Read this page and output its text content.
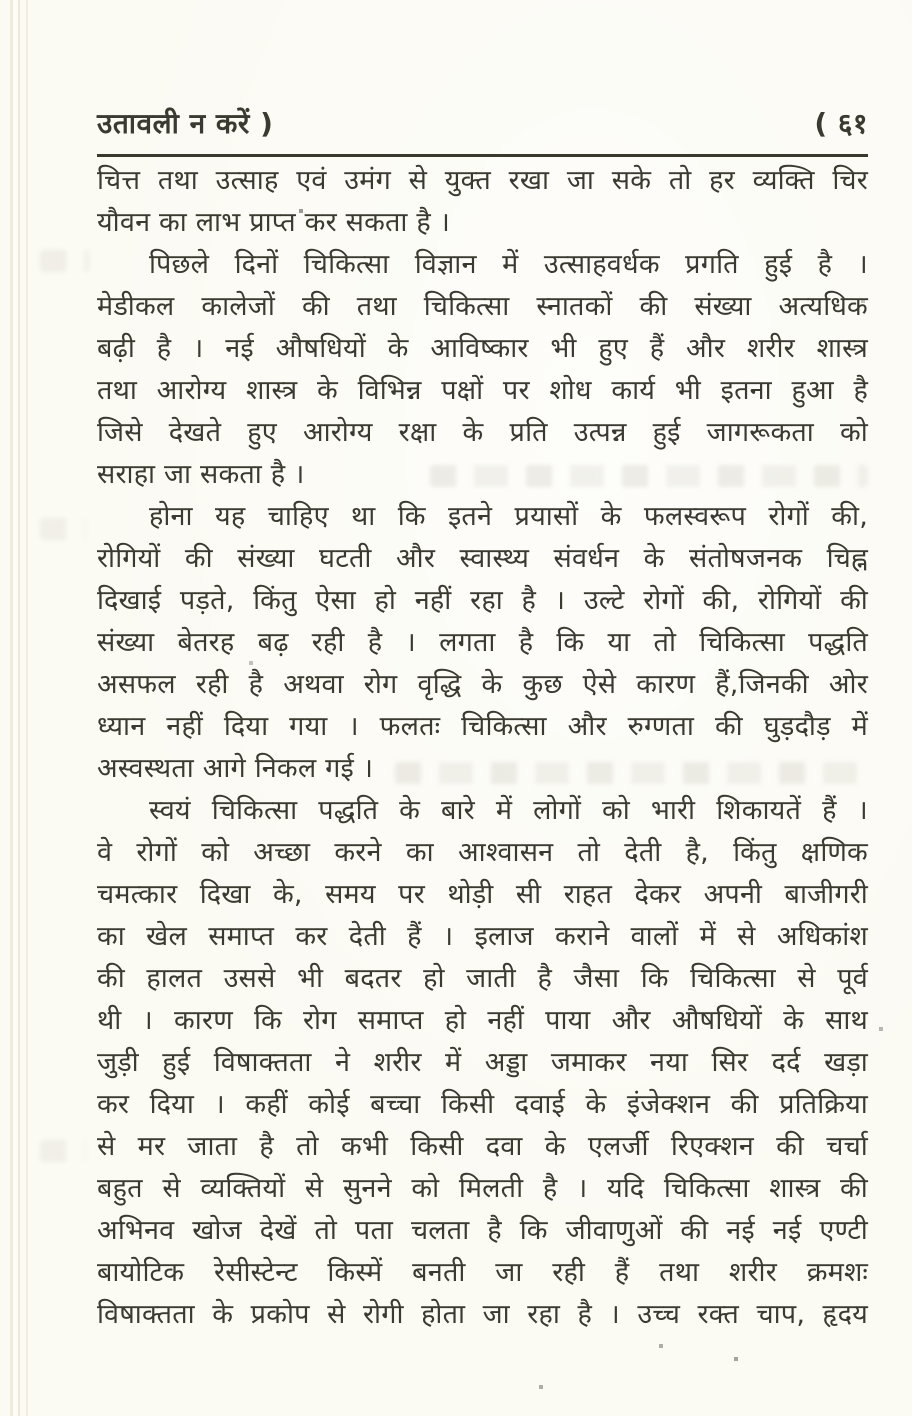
उतावली न करें )	( ६१
चित्त तथा उत्साह एवं उमंग से युक्त रखा जा सके तो हर व्यक्ति चिर
यौवन का लाभ प्राप्त कर सकता है ।
पिछले दिनों चिकित्सा विज्ञान में उत्साहवर्धक प्रगति हुई है ।
मेडीकल कालेजों की तथा चिकित्सा स्नातकों की संख्या अत्यधिक
बढ़ी है । नई औषधियों के आविष्कार भी हुए हैं और शरीर शास्त्र
तथा आरोग्य शास्त्र के विभिन्न पक्षों पर शोध कार्य भी इतना हुआ है
जिसे देखते हुए आरोग्य रक्षा के प्रति उत्पन्न हुई जागरूकता को
सराहा जा सकता है ।
होना यह चाहिए था कि इतने प्रयासों के फलस्वरूप रोगों की,
रोगियों की संख्या घटती और स्वास्थ्य संवर्धन के संतोषजनक चिह्न
दिखाई पड़ते, किंतु ऐसा हो नहीं रहा है । उल्टे रोगों की, रोगियों की
संख्या बेतरह बढ़ रही है । लगता है कि या तो चिकित्सा पद्धति
असफल रही है अथवा रोग वृद्धि के कुछ ऐसे कारण हैं,जिनकी ओर
ध्यान नहीं दिया गया । फलतः चिकित्सा और रुग्णता की घुड़दौड़ में
अस्वस्थता आगे निकल गई ।
स्वयं चिकित्सा पद्धति के बारे में लोगों को भारी शिकायतें हैं ।
वे रोगों को अच्छा करने का आश्वासन तो देती है, किंतु क्षणिक
चमत्कार दिखा के, समय पर थोड़ी सी राहत देकर अपनी बाजीगरी
का खेल समाप्त कर देती हैं । इलाज कराने वालों में से अधिकांश
की हालत उससे भी बदतर हो जाती है जैसा कि चिकित्सा से पूर्व
थी । कारण कि रोग समाप्त हो नहीं पाया और औषधियों के साथ
जुड़ी हुई विषाक्तता ने शरीर में अड्डा जमाकर नया सिर दर्द खड़ा
कर दिया । कहीं कोई बच्चा किसी दवाई के इंजेक्शन की प्रतिक्रिया
से मर जाता है तो कभी किसी दवा के एलर्जी रिएक्शन की चर्चा
बहुत से व्यक्तियों से सुनने को मिलती है । यदि चिकित्सा शास्त्र की
अभिनव खोज देखें तो पता चलता है कि जीवाणुओं की नई नई एण्टी
बायोटिक रेसीस्टेन्ट किस्में बनती जा रही हैं तथा शरीर क्रमशः
विषाक्तता के प्रकोप से रोगी होता जा रहा है । उच्च रक्त चाप, हृदय
